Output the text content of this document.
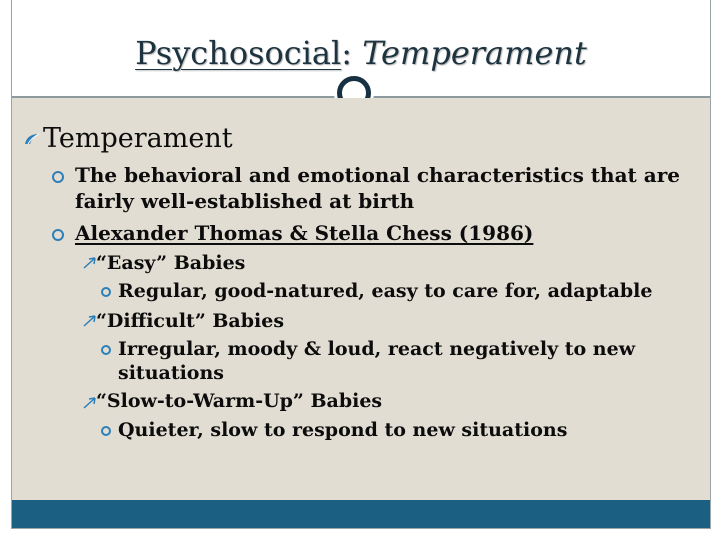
Psychosocial: Temperament
Temperament
The behavioral and emotional characteristics that are
fairly well-established at birth
Alexander Thomas & Stella Chess (1986)
“Easy” Babies
Regular, good-natured, easy to care for, adaptable
“Difficult” Babies
Irregular, moody & loud, react negatively to new
situations
“Slow-to-Warm-Up” Babies
Quieter, slow to respond to new situations
